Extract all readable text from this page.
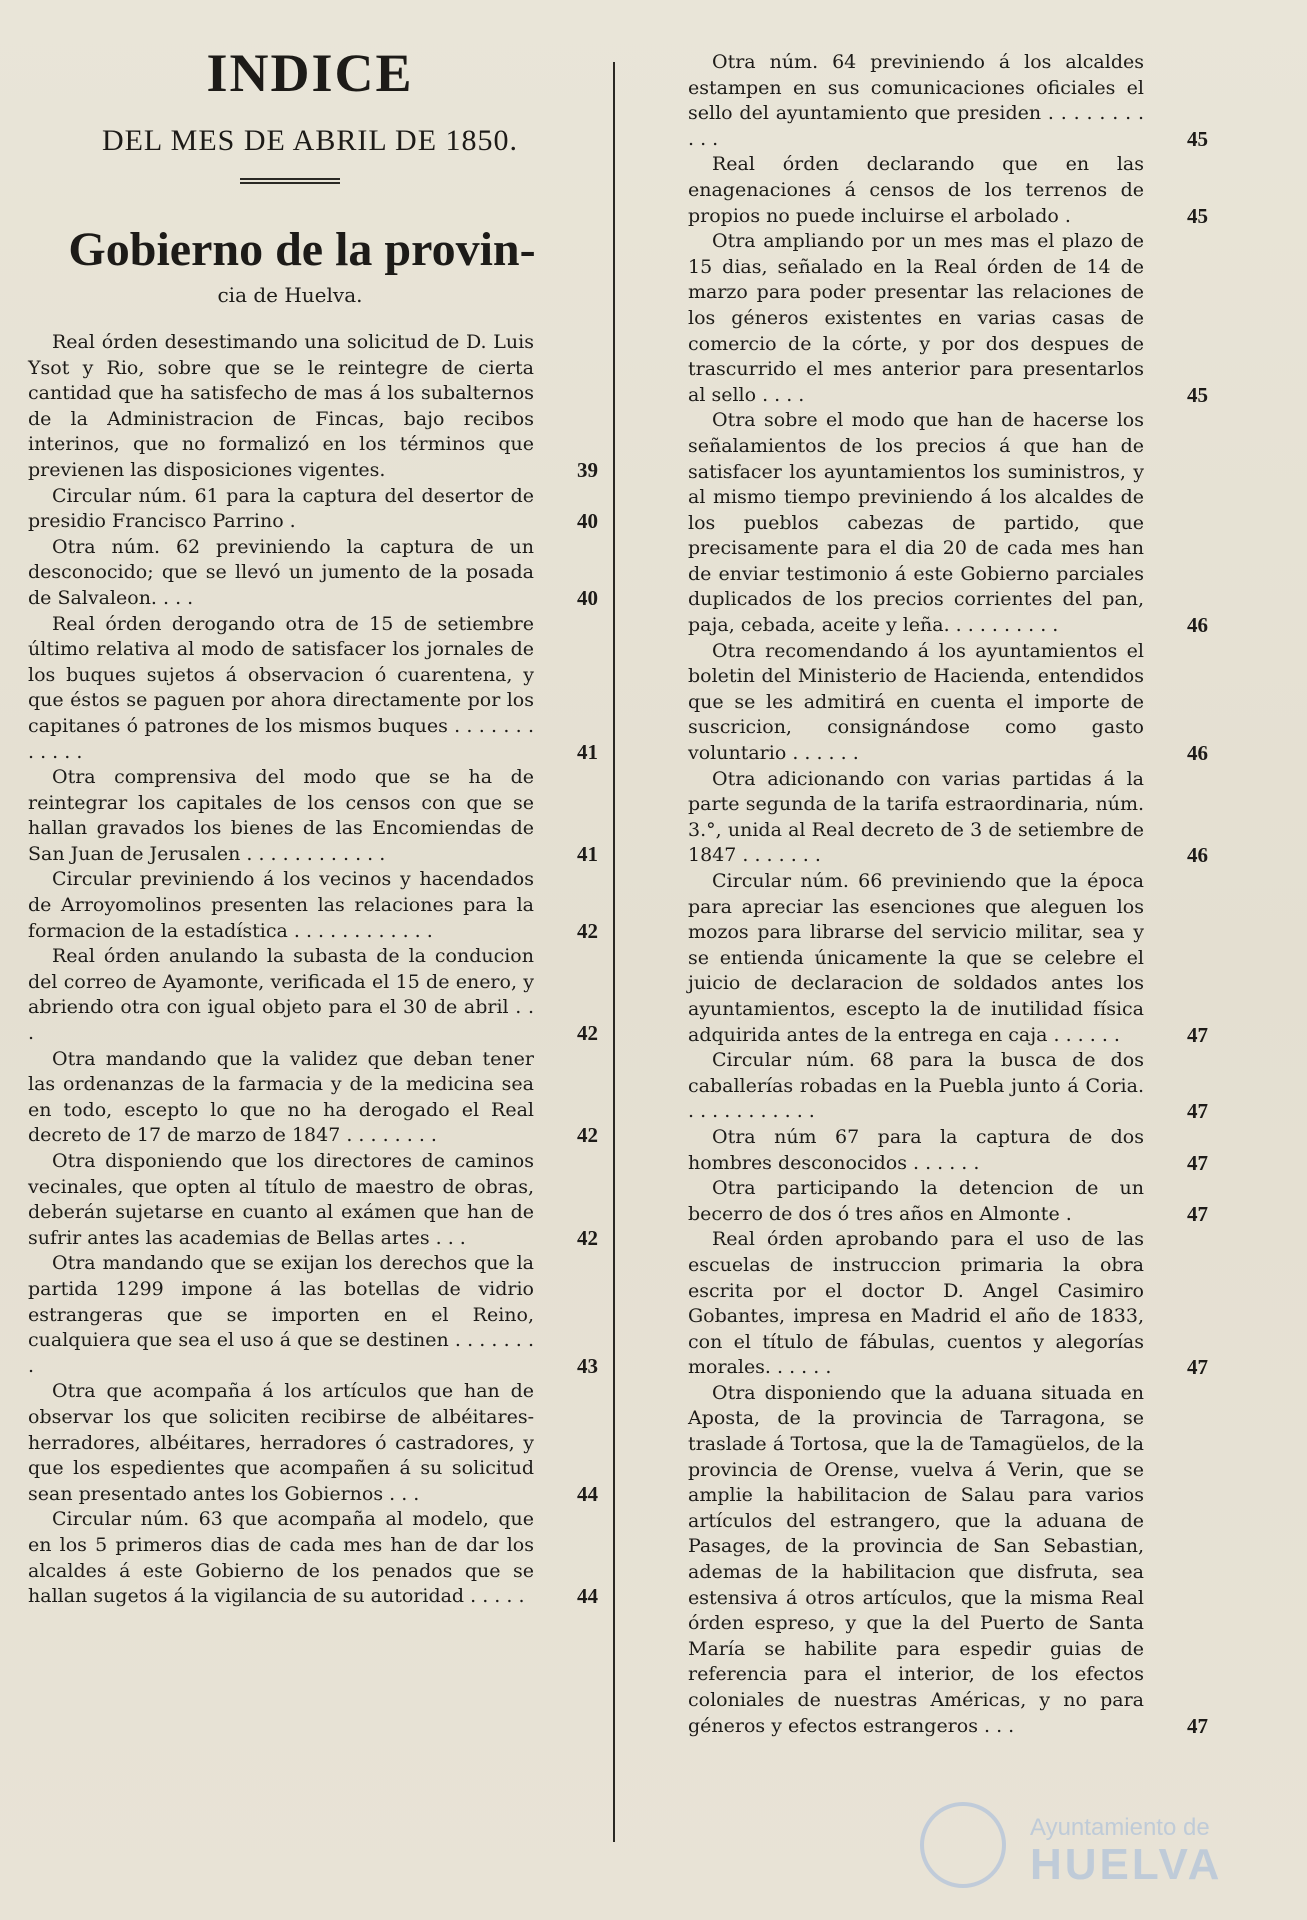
INDICE
DEL MES DE ABRIL DE 1850.
Gobierno de la provin-
cia de Huelva.

Real órden desestimando una solicitud de D. Luis Ysot y Rio, sobre que se le reintegre de cierta cantidad que ha satisfecho de mas á los subalternos de la Administracion de Fincas, bajo recibos interinos, que no formalizó en los términos que previenen las disposiciones vigentes.	39

Circular núm. 61 para la captura del desertor de presidio Francisco Parrino .	40

Otra núm. 62 previniendo la captura de un desconocido; que se llevó un jumento de la posada de Salvaleon. . . .	40

Real órden derogando otra de 15 de setiembre último relativa al modo de satisfacer los jornales de los buques sujetos á observacion ó cuarentena, y que éstos se paguen por ahora directamente por los capitanes ó patrones de los mismos buques . . . . . . . . . . . .	41

Otra comprensiva del modo que se ha de reintegrar los capitales de los censos con que se hallan gravados los bienes de las Encomiendas de San Juan de Jerusalen . . . . . . . . . . . .	41

Circular previniendo á los vecinos y hacendados de Arroyomolinos presenten las relaciones para la formacion de la estadística . . . . . . . . . . . .	42

Real órden anulando la subasta de la conducion del correo de Ayamonte, verificada el 15 de enero, y abriendo otra con igual objeto para el 30 de abril . . .	42

Otra mandando que la validez que deban tener las ordenanzas de la farmacia y de la medicina sea en todo, escepto lo que no ha derogado el Real decreto de 17 de marzo de 1847 . . . . . . . .	42

Otra disponiendo que los directores de caminos vecinales, que opten al título de maestro de obras, deberán sujetarse en cuanto al exámen que han de sufrir antes las academias de Bellas artes . . .	42

Otra mandando que se exijan los derechos que la partida 1299 impone á las botellas de vidrio estrangeras que se importen en el Reino, cualquiera que sea el uso á que se destinen . . . . . . . .	43

Otra que acompaña á los artículos que han de observar los que soliciten recibirse de albéitares-herradores, albéitares, herradores ó castradores, y que los espedientes que acompañen á su solicitud sean presentado antes los Gobiernos . . .	44

Circular núm. 63 que acompaña al modelo, que en los 5 primeros dias de cada mes han de dar los alcaldes á este Gobierno de los penados que se hallan sugetos á la vigilancia de su autoridad . . . . .	44

Otra núm. 64 previniendo á los alcaldes estampen en sus comunicaciones oficiales el sello del ayuntamiento que presiden . . . . . . . . . . .	45

Real órden declarando que en las enagenaciones á censos de los terrenos de propios no puede incluirse el arbolado .	45

Otra ampliando por un mes mas el plazo de 15 dias, señalado en la Real órden de 14 de marzo para poder presentar las relaciones de los géneros existentes en varias casas de comercio de la córte, y por dos despues de trascurrido el mes anterior para presentarlos al sello . . . .	45

Otra sobre el modo que han de hacerse los señalamientos de los precios á que han de satisfacer los ayuntamientos los suministros, y al mismo tiempo previniendo á los alcaldes de los pueblos cabezas de partido, que precisamente para el dia 20 de cada mes han de enviar testimonio á este Gobierno parciales duplicados de los precios corrientes del pan, paja, cebada, aceite y leña. . . . . . . . . .	46

Otra recomendando á los ayuntamientos el boletin del Ministerio de Hacienda, entendidos que se les admitirá en cuenta el importe de suscricion, consignándose como gasto voluntario . . . . . .	46

Otra adicionando con varias partidas á la parte segunda de la tarifa estraordinaria, núm. 3.°, unida al Real decreto de 3 de setiembre de 1847 . . . . . . .	46

Circular núm. 66 previniendo que la época para apreciar las esenciones que aleguen los mozos para librarse del servicio militar, sea y se entienda únicamente la que se celebre el juicio de declaracion de soldados antes los ayuntamientos, escepto la de inutilidad física adquirida antes de la entrega en caja . . . . . .	47

Circular núm. 68 para la busca de dos caballerías robadas en la Puebla junto á Coria. . . . . . . . . . . .	47

Otra núm 67 para la captura de dos hombres desconocidos . . . . . .	47

Otra participando la detencion de un becerro de dos ó tres años en Almonte .	47

Real órden aprobando para el uso de las escuelas de instruccion primaria la obra escrita por el doctor D. Angel Casimiro Gobantes, impresa en Madrid el año de 1833, con el título de fábulas, cuentos y alegorías morales. . . . . .	47

Otra disponiendo que la aduana situada en Aposta, de la provincia de Tarragona, se traslade á Tortosa, que la de Tamagüelos, de la provincia de Orense, vuelva á Verin, que se amplie la habilitacion de Salau para varios artículos del estrangero, que la aduana de Pasages, de la provincia de San Sebastian, ademas de la habilitacion que disfruta, sea estensiva á otros artículos, que la misma Real órden espreso, y que la del Puerto de Santa María se habilite para espedir guias de referencia para el interior, de los efectos coloniales de nuestras Américas, y no para géneros y efectos estrangeros . . .	47
Ayuntamiento de
HUELVA
